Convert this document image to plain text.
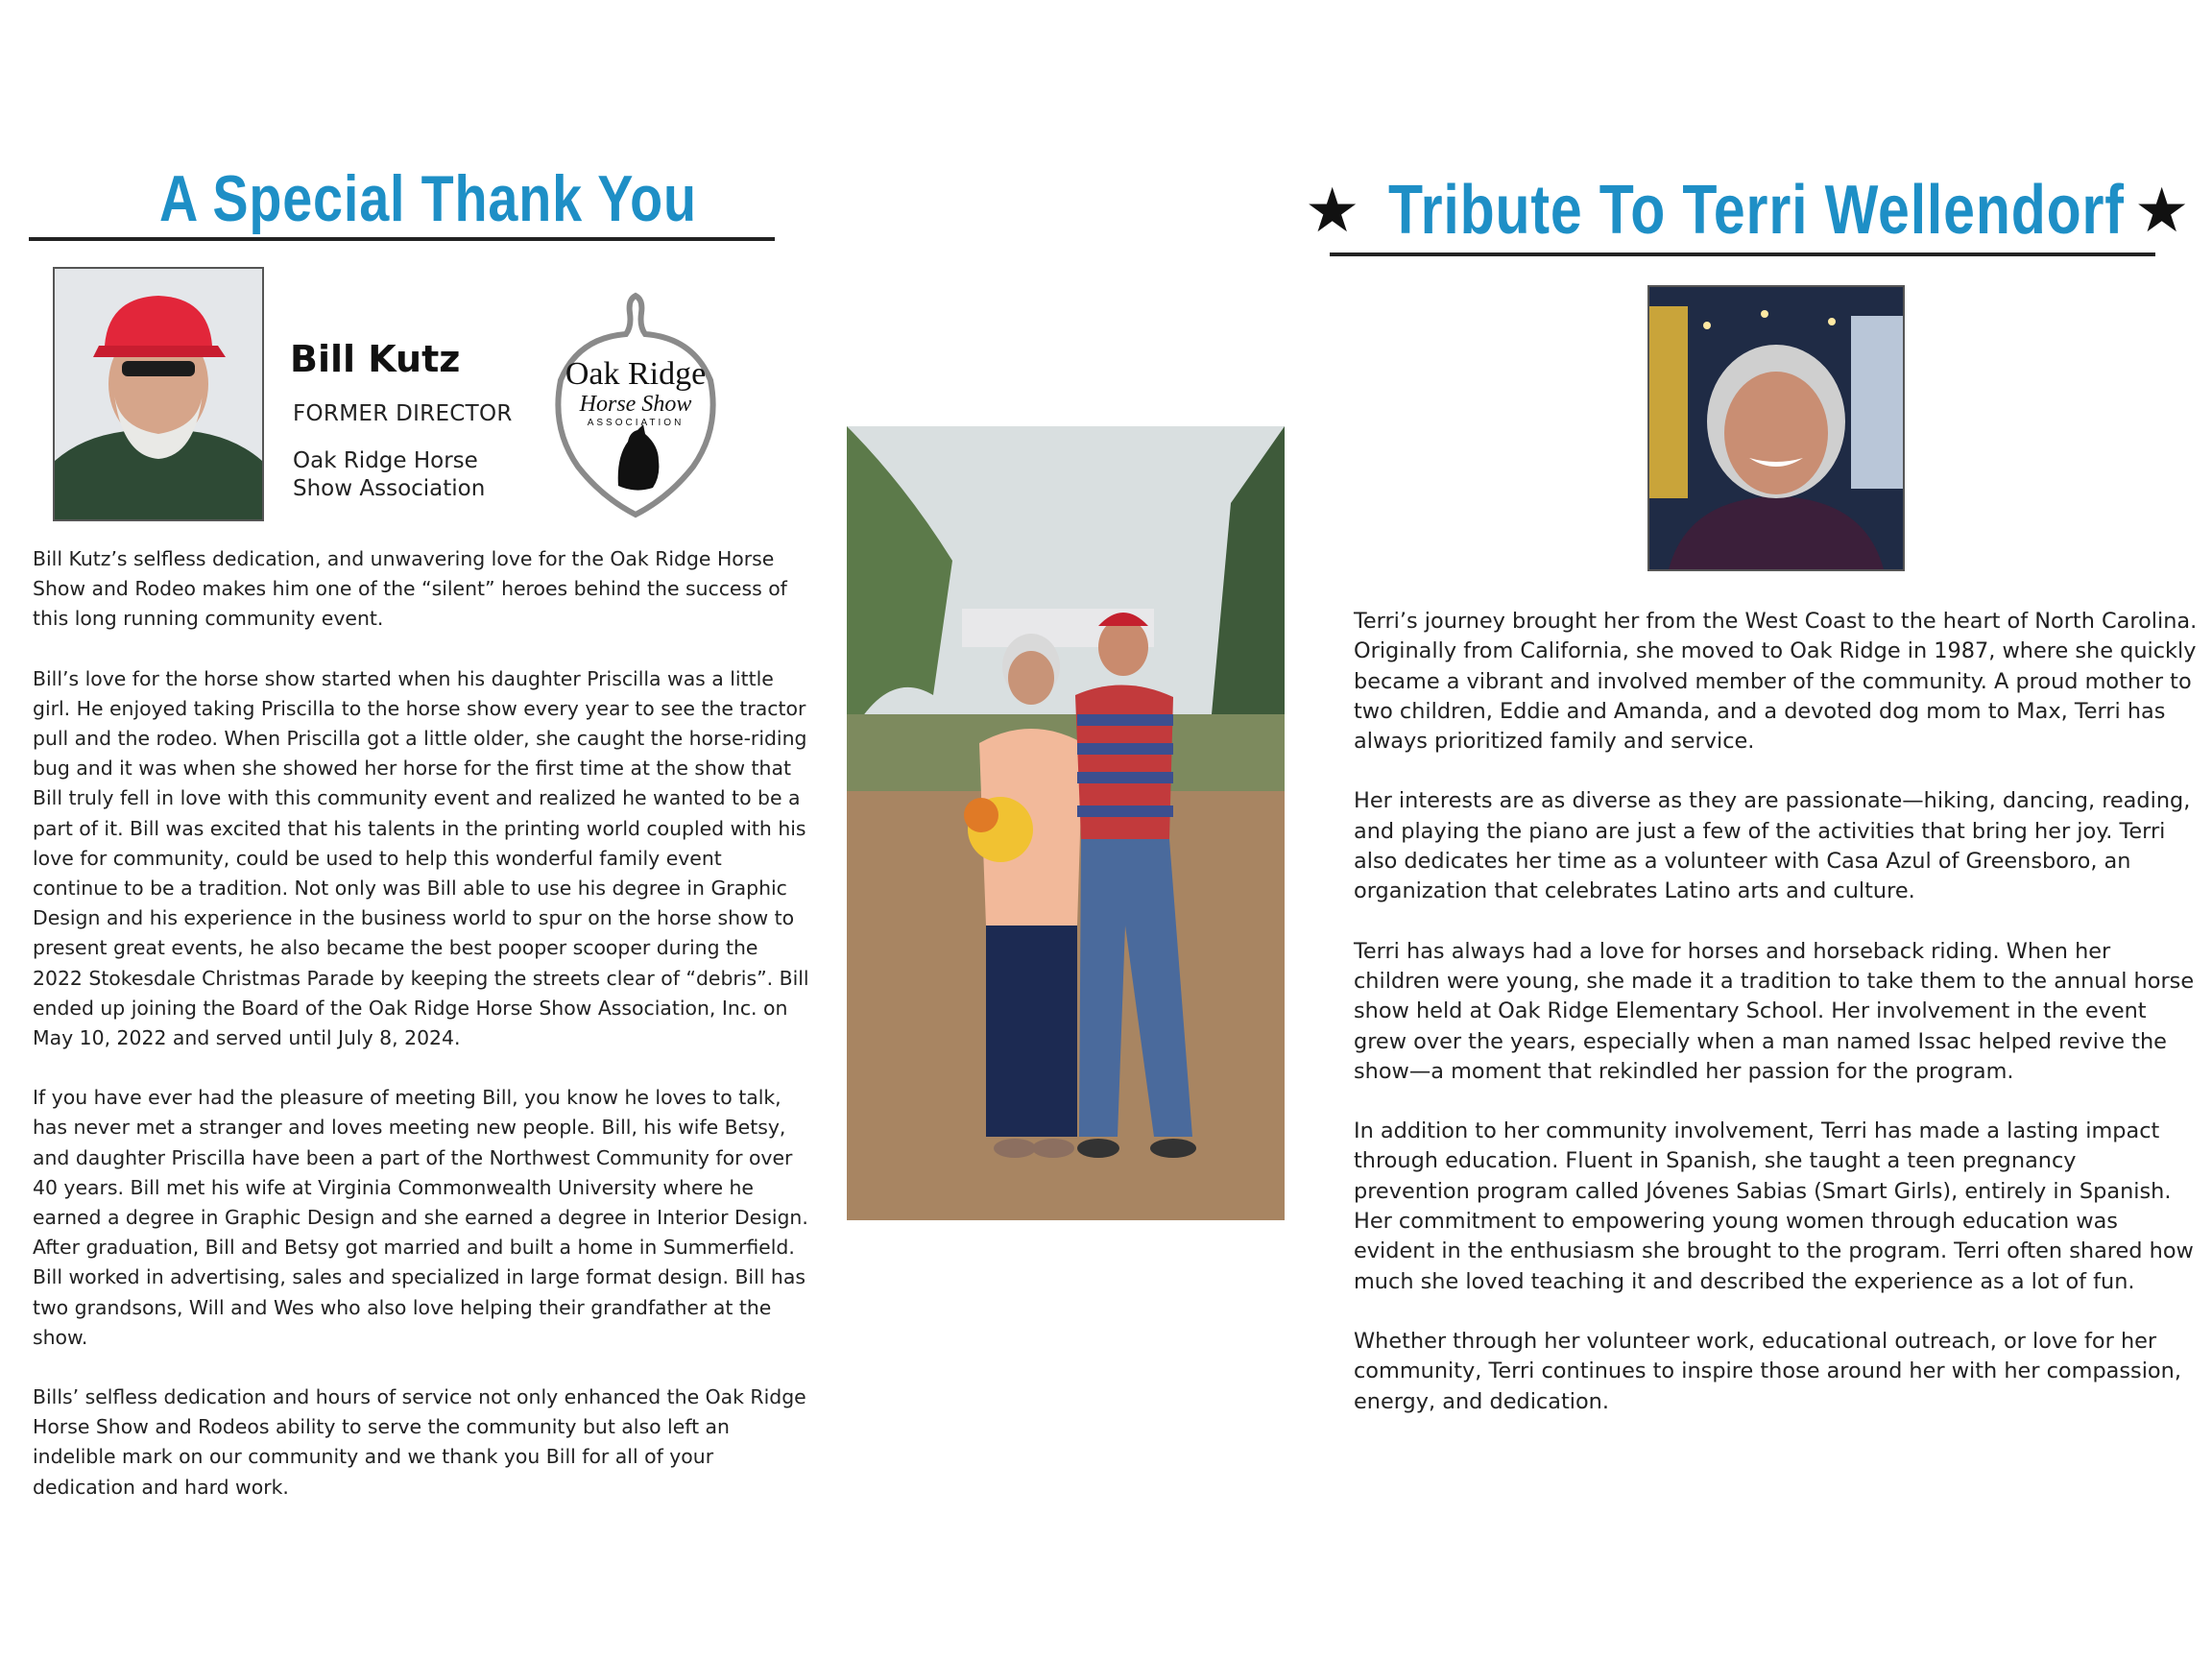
A Special Thank You
Bill Kutz
FORMER DIRECTOR
Oak Ridge Horse Show Association
Oak Ridge
Horse Show
ASSOCIATION

Bill Kutz’s selfless dedication, and unwavering love for the Oak Ridge Horse Show and Rodeo makes him one of the “silent” heroes behind the success of this long running community event.

Bill’s love for the horse show started when his daughter Priscilla was a little girl. He enjoyed taking Priscilla to the horse show every year to see the tractor pull and the rodeo. When Priscilla got a little older, she caught the horse-riding bug and it was when she showed her horse for the first time at the show that Bill truly fell in love with this community event and realized he wanted to be a part of it. Bill was excited that his talents in the printing world coupled with his love for community, could be used to help this wonderful family event continue to be a tradition. Not only was Bill able to use his degree in Graphic Design and his experience in the business world to spur on the horse show to present great events, he also became the best pooper scooper during the 2022 Stokesdale Christmas Parade by keeping the streets clear of “debris”. Bill ended up joining the Board of the Oak Ridge Horse Show Association, Inc. on May 10, 2022 and served until July 8, 2024.

If you have ever had the pleasure of meeting Bill, you know he loves to talk, has never met a stranger and loves meeting new people. Bill, his wife Betsy, and daughter Priscilla have been a part of the Northwest Community for over 40 years. Bill met his wife at Virginia Commonwealth University where he earned a degree in Graphic Design and she earned a degree in Interior Design. After graduation, Bill and Betsy got married and built a home in Summerfield. Bill worked in advertising, sales and specialized in large format design. Bill has two grandsons, Will and Wes who also love helping their grandfather at the show.

Bills’ selfless dedication and hours of service not only enhanced the Oak Ridge Horse Show and Rodeos ability to serve the community but also left an indelible mark on our community and we thank you Bill for all of your dedication and hard work.

★ Tribute To Terri Wellendorf ★

Terri’s journey brought her from the West Coast to the heart of North Carolina. Originally from California, she moved to Oak Ridge in 1987, where she quickly became a vibrant and involved member of the community. A proud mother to two children, Eddie and Amanda, and a devoted dog mom to Max, Terri has always prioritized family and service.

Her interests are as diverse as they are passionate—hiking, dancing, reading, and playing the piano are just a few of the activities that bring her joy. Terri also dedicates her time as a volunteer with Casa Azul of Greensboro, an organization that celebrates Latino arts and culture.

Terri has always had a love for horses and horseback riding. When her children were young, she made it a tradition to take them to the annual horse show held at Oak Ridge Elementary School. Her involvement in the event grew over the years, especially when a man named Issac helped revive the show—a moment that rekindled her passion for the program.

In addition to her community involvement, Terri has made a lasting impact through education. Fluent in Spanish, she taught a teen pregnancy prevention program called Jóvenes Sabias (Smart Girls), entirely in Spanish. Her commitment to empowering young women through education was evident in the enthusiasm she brought to the program. Terri often shared how much she loved teaching it and described the experience as a lot of fun.

Whether through her volunteer work, educational outreach, or love for her community, Terri continues to inspire those around her with her compassion, energy, and dedication.
